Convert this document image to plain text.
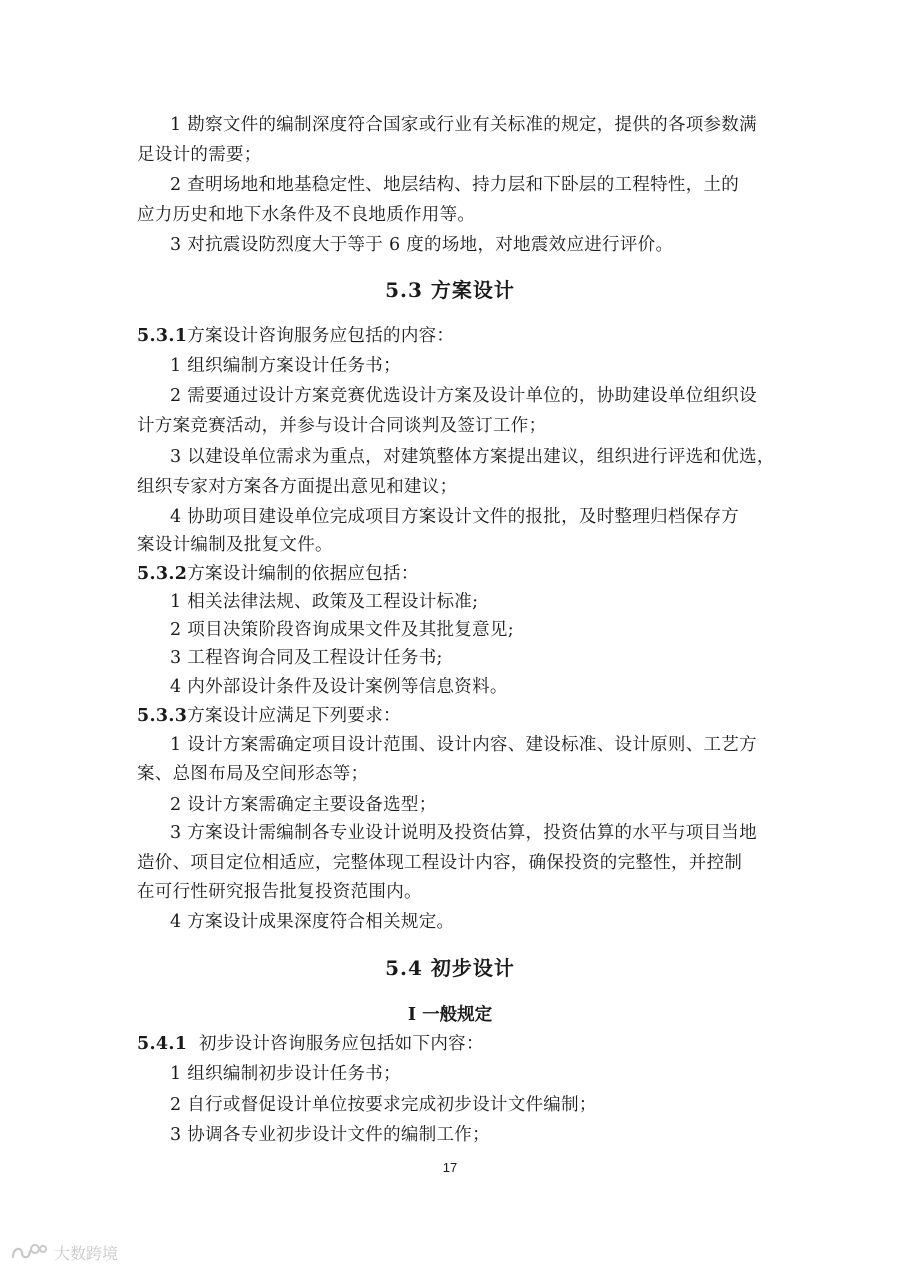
1 勘察文件的编制深度符合国家或行业有关标准的规定，提供的各项参数满
足设计的需要；
2 查明场地和地基稳定性、地层结构、持力层和下卧层的工程特性，土的
应力历史和地下水条件及不良地质作用等。
3 对抗震设防烈度大于等于 6 度的场地，对地震效应进行评价。
5.3 方案设计
5.3.1方案设计咨询服务应包括的内容：
1 组织编制方案设计任务书；
2 需要通过设计方案竞赛优选设计方案及设计单位的，协助建设单位组织设
计方案竞赛活动，并参与设计合同谈判及签订工作；
3 以建设单位需求为重点，对建筑整体方案提出建议，组织进行评选和优选，
组织专家对方案各方面提出意见和建议；
4 协助项目建设单位完成项目方案设计文件的报批，及时整理归档保存方
案设计编制及批复文件。
5.3.2方案设计编制的依据应包括：
1 相关法律法规、政策及工程设计标准;
2 项目决策阶段咨询成果文件及其批复意见;
3 工程咨询合同及工程设计任务书;
4 内外部设计条件及设计案例等信息资料。
5.3.3方案设计应满足下列要求：
1 设计方案需确定项目设计范围、设计内容、建设标准、设计原则、工艺方
案、总图布局及空间形态等；
2 设计方案需确定主要设备选型；
3 方案设计需编制各专业设计说明及投资估算，投资估算的水平与项目当地
造价、项目定位相适应，完整体现工程设计内容，确保投资的完整性，并控制
在可行性研究报告批复投资范围内。
4 方案设计成果深度符合相关规定。
5.4 初步设计
I 一般规定
5.4.1 初步设计咨询服务应包括如下内容：
1 组织编制初步设计任务书；
2 自行或督促设计单位按要求完成初步设计文件编制；
3 协调各专业初步设计文件的编制工作；
17
大数跨境
